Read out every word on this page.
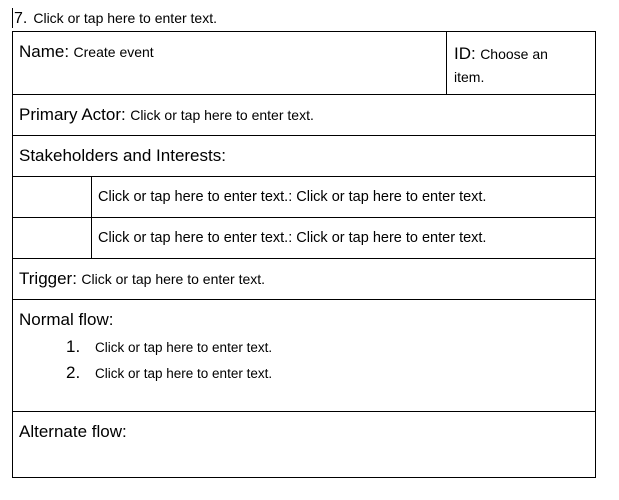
7. Click or tap here to enter text.
Name: Create event	ID: Choose an item.
Primary Actor: Click or tap here to enter text.
Stakeholders and Interests:
Click or tap here to enter text.: Click or tap here to enter text.
Click or tap here to enter text.: Click or tap here to enter text.
Trigger: Click or tap here to enter text.
Normal flow:
1. Click or tap here to enter text.
2. Click or tap here to enter text.
Alternate flow:
